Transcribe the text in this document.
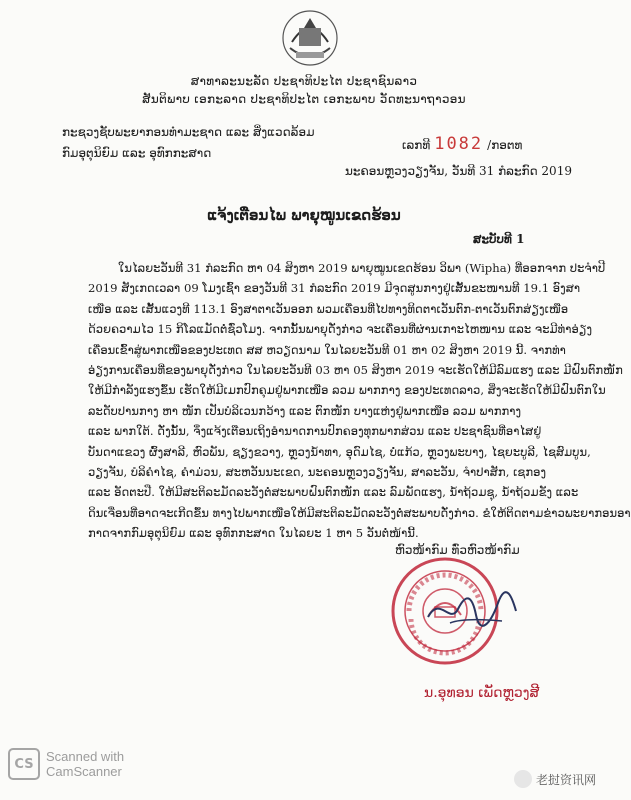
ສາທາລະນະລັດ ປະຊາທິປະໄຕ ປະຊາຊົນລາວ
ສັນຕິພາບ ເອກະລາດ ປະຊາທິປະໄຕ ເອກະພາບ ວັດທະນາຖາວອນ
ກະຊວງຊັບພະຍາກອນທຳມະຊາດ ແລະ ສິ່ງແວດລ້ອມ
ກົມອຸຕຸນິຍົມ ແລະ ອຸທົກກະສາດ
ເລກທີ 1082 /ກອຕທ
ນະຄອນຫຼວງວຽງຈັນ, ວັນທີ 31 ກໍລະກົດ 2019
ແຈ້ງເຕືອນໄພ ພາຍຸໝູນເຂດຮ້ອນ
ສະບັບທີ 1
ໃນໄລຍະວັນທີ 31 ກໍລະກົດ ຫາ 04 ສິງຫາ 2019 ພາຍຸໝູນເຂດຮ້ອນ ວິພາ (Wipha) ທີ່ອອກຈາກ ປະຈຳປີ
2019 ສັງເກດເວລາ 09 ໂມງເຊົ້າ ຂອງວັນທີ 31 ກໍລະກົດ 2019 ມີຈຸດສູນກາງຢູ່ເສັ້ນຂະໜານທີ 19.1 ອົງສາ
ເໜືອ ແລະ ເສັ້ນແວງທີ 113.1 ອົງສາຕາເວັນອອກ ພວມເຄື່ອນທີ່ໄປທາງທິດຕາເວັນຕົກ-ຕາເວັນຕົກສ່ຽງເໜືອ
ດ້ວຍຄວາມໄວ 15 ກິໂລແມັດຕໍ່ຊົ່ວໂມງ. ຈາກນັ້ນພາຍຸດັ່ງກ່າວ ຈະເຄື່ອນທີ່ຜ່ານເກາະໄຫໜານ ແລະ ຈະມີທ່າອ່ຽງ
ເຄື່ອນເຂົ້າສູ່ພາກເໜືອຂອງປະເທດ ສສ ຫວຽດນາມ ໃນໄລຍະວັນທີ 01 ຫາ 02 ສິງຫາ 2019 ນີ້. ຈາກທ່າ
ອ່ຽງການເຄື່ອນທີ່ຂອງພາຍຸດັ່ງກ່າວ ໃນໄລຍະວັນທີ 03 ຫາ 05 ສິງຫາ 2019 ຈະເຮັດໃຫ້ມີລົມແຮງ ແລະ ມີຝົນຕົກໜັກ
ໃຫ້ມີກຳລັງແຮງຂຶ້ນ ເຮັດໃຫ້ມີເມກປົກຄຸມຢູ່ພາກເໜືອ ລວມ ພາກກາງ ຂອງປະເທດລາວ, ສິ່ງຈະເຮັດໃຫ້ມີຝົນຕົກໃນ
ລະດັບປານກາງ ຫາ ໜັກ ເປັນບໍລິເວນກວ້າງ ແລະ ຕົກໜັກ ບາງແຫ່ງຢູ່ພາກເໜືອ ລວມ ພາກກາງ
ແລະ ພາກໃຕ້. ດັ່ງນັ້ນ, ຈຶ່ງແຈ້ງເຕືອນເຖິງອຳນາດການປົກຄອງທຸກພາກສ່ວນ ແລະ ປະຊາຊົນທີ່ອາໄສຢູ່
ບັນດາແຂວງ ຜົ້ງສາລີ, ຫົວພັນ, ຊຽງຂວາງ, ຫຼວງນ້ຳທາ, ອຸດົມໄຊ, ບໍ່ແກ້ວ, ຫຼວງພະບາງ, ໄຊຍະບູລີ, ໄຊສົມບູນ,
ວຽງຈັນ, ບໍລິຄຳໄຊ, ຄຳມ່ວນ, ສະຫວັນນະເຂດ, ນະຄອນຫຼວງວຽງຈັນ, ສາລະວັນ, ຈຳປາສັກ, ເຊກອງ
ແລະ ອັດຕະປື. ໃຫ້ມີສະຕິລະມັດລະວັງຕໍ່ສະພາບຝົນຕົກໜັກ ແລະ ລົມພັດແຮງ, ນ້ຳຖ້ວມຊຸ, ນ້ຳຖ້ວມຂັງ ແລະ
ດິນເຈື່ອນທີ່ອາດຈະເກີດຂຶ້ນ ທາງໄປພາກເໜືອໃຫ້ມີສະຕິລະມັດລະວັງຕໍ່ສະພາບດັ່ງກ່າວ. ຂໍໃຫ້ຕິດຕາມຂ່າວພະຍາກອນອາ
ກາດຈາກກົມອຸຕຸນິຍົມ ແລະ ອຸທົກກະສາດ ໃນໄລຍະ 1 ຫາ 5 ວັນຕໍ່ໜ້ານີ້.
ຫົວໜ້າກົມ ທົ່ວຫົວໜ້າກົມ
ນ.ອຸທອນ ເພັດຫຼວງສີ
CS Scanned with
CamScanner
老挝资讯网
